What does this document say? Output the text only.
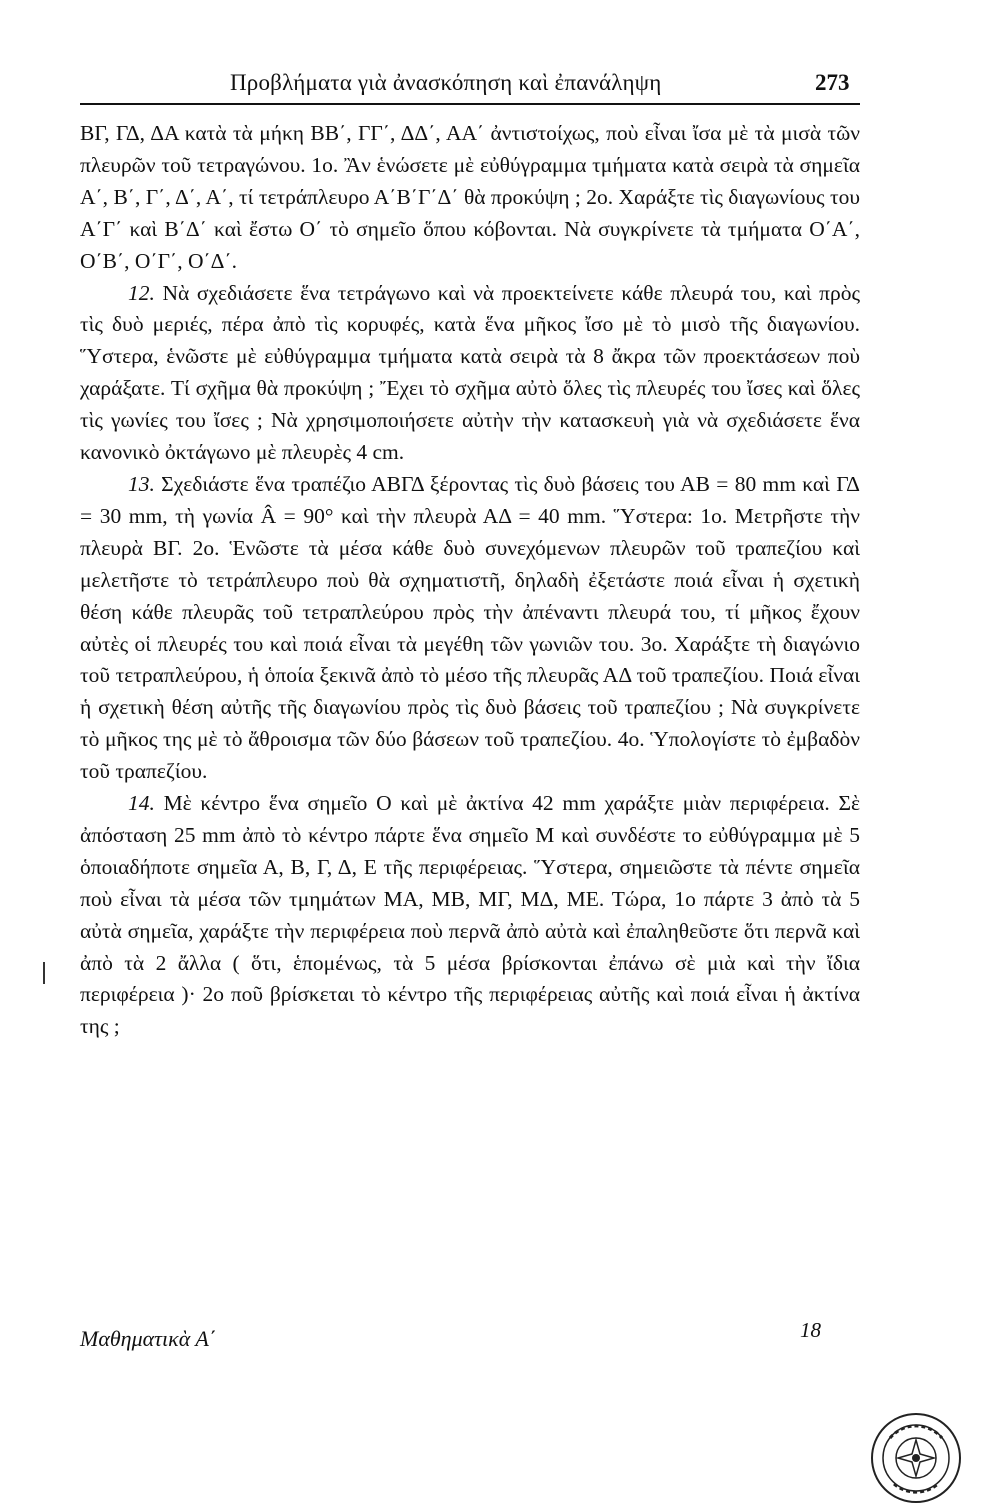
Προβλήματα γιὰ ἀνασκόπηση καὶ ἐπανάληψη	273

ΒΓ, ΓΔ, ΔΑ κατὰ τὰ μήκη ΒΒ΄, ΓΓ΄, ΔΔ΄, ΑΑ΄ ἀντιστοίχως, ποὺ εἶναι ἴσα μὲ τὰ μισὰ τῶν πλευρῶν τοῦ τετραγώνου. 1ο. Ἂν ἑνώσετε μὲ εὐθύγραμμα τμήματα κατὰ σειρὰ τὰ σημεῖα Α΄, Β΄, Γ΄, Δ΄, Α΄, τί τετράπλευρο Α΄Β΄Γ΄Δ΄ θὰ προκύψη ; 2ο. Χαράξτε τὶς διαγωνίους του Α΄Γ΄ καὶ Β΄Δ΄ καὶ ἔστω Ο΄ τὸ σημεῖο ὅπου κόβονται. Νὰ συγκρίνετε τὰ τμήματα Ο΄Α΄, Ο΄Β΄, Ο΄Γ΄, Ο΄Δ΄.

12. Νὰ σχεδιάσετε ἕνα τετράγωνο καὶ νὰ προεκτείνετε κάθε πλευρά του, καὶ πρὸς τὶς δυὸ μεριές, πέρα ἀπὸ τὶς κορυφές, κατὰ ἕνα μῆκος ἴσο μὲ τὸ μισὸ τῆς διαγωνίου. Ὕστερα, ἑνῶστε μὲ εὐθύγραμμα τμήματα κατὰ σειρὰ τὰ 8 ἄκρα τῶν προεκτάσεων ποὺ χαράξατε. Τί σχῆμα θὰ προκύψη ; Ἔχει τὸ σχῆμα αὐτὸ ὅλες τὶς πλευρές του ἴσες καὶ ὅλες τὶς γωνίες του ἴσες ; Νὰ χρησιμοποιήσετε αὐτὴν τὴν κατασκευὴ γιὰ νὰ σχεδιάσετε ἕνα κανονικὸ ὀκτάγωνο μὲ πλευρὲς 4 cm.

13. Σχεδιάστε ἕνα τραπέζιο ΑΒΓΔ ξέροντας τὶς δυὸ βάσεις του ΑΒ = 80 mm καὶ ΓΔ = 30 mm, τὴ γωνία Â = 90° καὶ τὴν πλευρὰ ΑΔ = 40 mm. Ὕστερα: 1ο. Μετρῆστε τὴν πλευρὰ ΒΓ. 2ο. Ἑνῶστε τὰ μέσα κάθε δυὸ συνεχόμενων πλευρῶν τοῦ τραπεζίου καὶ μελετῆστε τὸ τετράπλευρο ποὺ θὰ σχηματιστῆ, δηλαδὴ ἐξετάστε ποιά εἶναι ἡ σχετικὴ θέση κάθε πλευρᾶς τοῦ τετραπλεύρου πρὸς τὴν ἀπέναντι πλευρά του, τί μῆκος ἔχουν αὐτὲς οἱ πλευρές του καὶ ποιά εἶναι τὰ μεγέθη τῶν γωνιῶν του. 3ο. Χαράξτε τὴ διαγώνιο τοῦ τετραπλεύρου, ἡ ὁποία ξεκινᾶ ἀπὸ τὸ μέσο τῆς πλευρᾶς ΑΔ τοῦ τραπεζίου. Ποιά εἶναι ἡ σχετικὴ θέση αὐτῆς τῆς διαγωνίου πρὸς τὶς δυὸ βάσεις τοῦ τραπεζίου ; Νὰ συγκρίνετε τὸ μῆκος της μὲ τὸ ἄθροισμα τῶν δύο βάσεων τοῦ τραπεζίου. 4ο. Ὑπολογίστε τὸ ἐμβαδὸν τοῦ τραπεζίου.

14. Μὲ κέντρο ἕνα σημεῖο Ο καὶ μὲ ἀκτίνα 42 mm χαράξτε μιὰν περιφέρεια. Σὲ ἀπόσταση 25 mm ἀπὸ τὸ κέντρο πάρτε ἕνα σημεῖο Μ καὶ συνδέστε το εὐθύγραμμα μὲ 5 ὁποιαδήποτε σημεῖα Α, Β, Γ, Δ, Ε τῆς περιφέρειας. Ὕστερα, σημειῶστε τὰ πέντε σημεῖα ποὺ εἶναι τὰ μέσα τῶν τμημάτων ΜΑ, ΜΒ, ΜΓ, ΜΔ, ΜΕ. Τώρα, 1ο πάρτε 3 ἀπὸ τὰ 5 αὐτὰ σημεῖα, χαράξτε τὴν περιφέρεια ποὺ περνᾶ ἀπὸ αὐτὰ καὶ ἐπαληθεῦστε ὅτι περνᾶ καὶ ἀπὸ τὰ 2 ἄλλα ( ὅτι, ἑπομένως, τὰ 5 μέσα βρίσκονται ἐπάνω σὲ μιὰ καὶ τὴν ἴδια περιφέρεια )· 2ο ποῦ βρίσκεται τὸ κέντρο τῆς περιφέρειας αὐτῆς καὶ ποιά εἶναι ἡ ἀκτίνα της ;

Μαθηματικὰ Α΄	18
